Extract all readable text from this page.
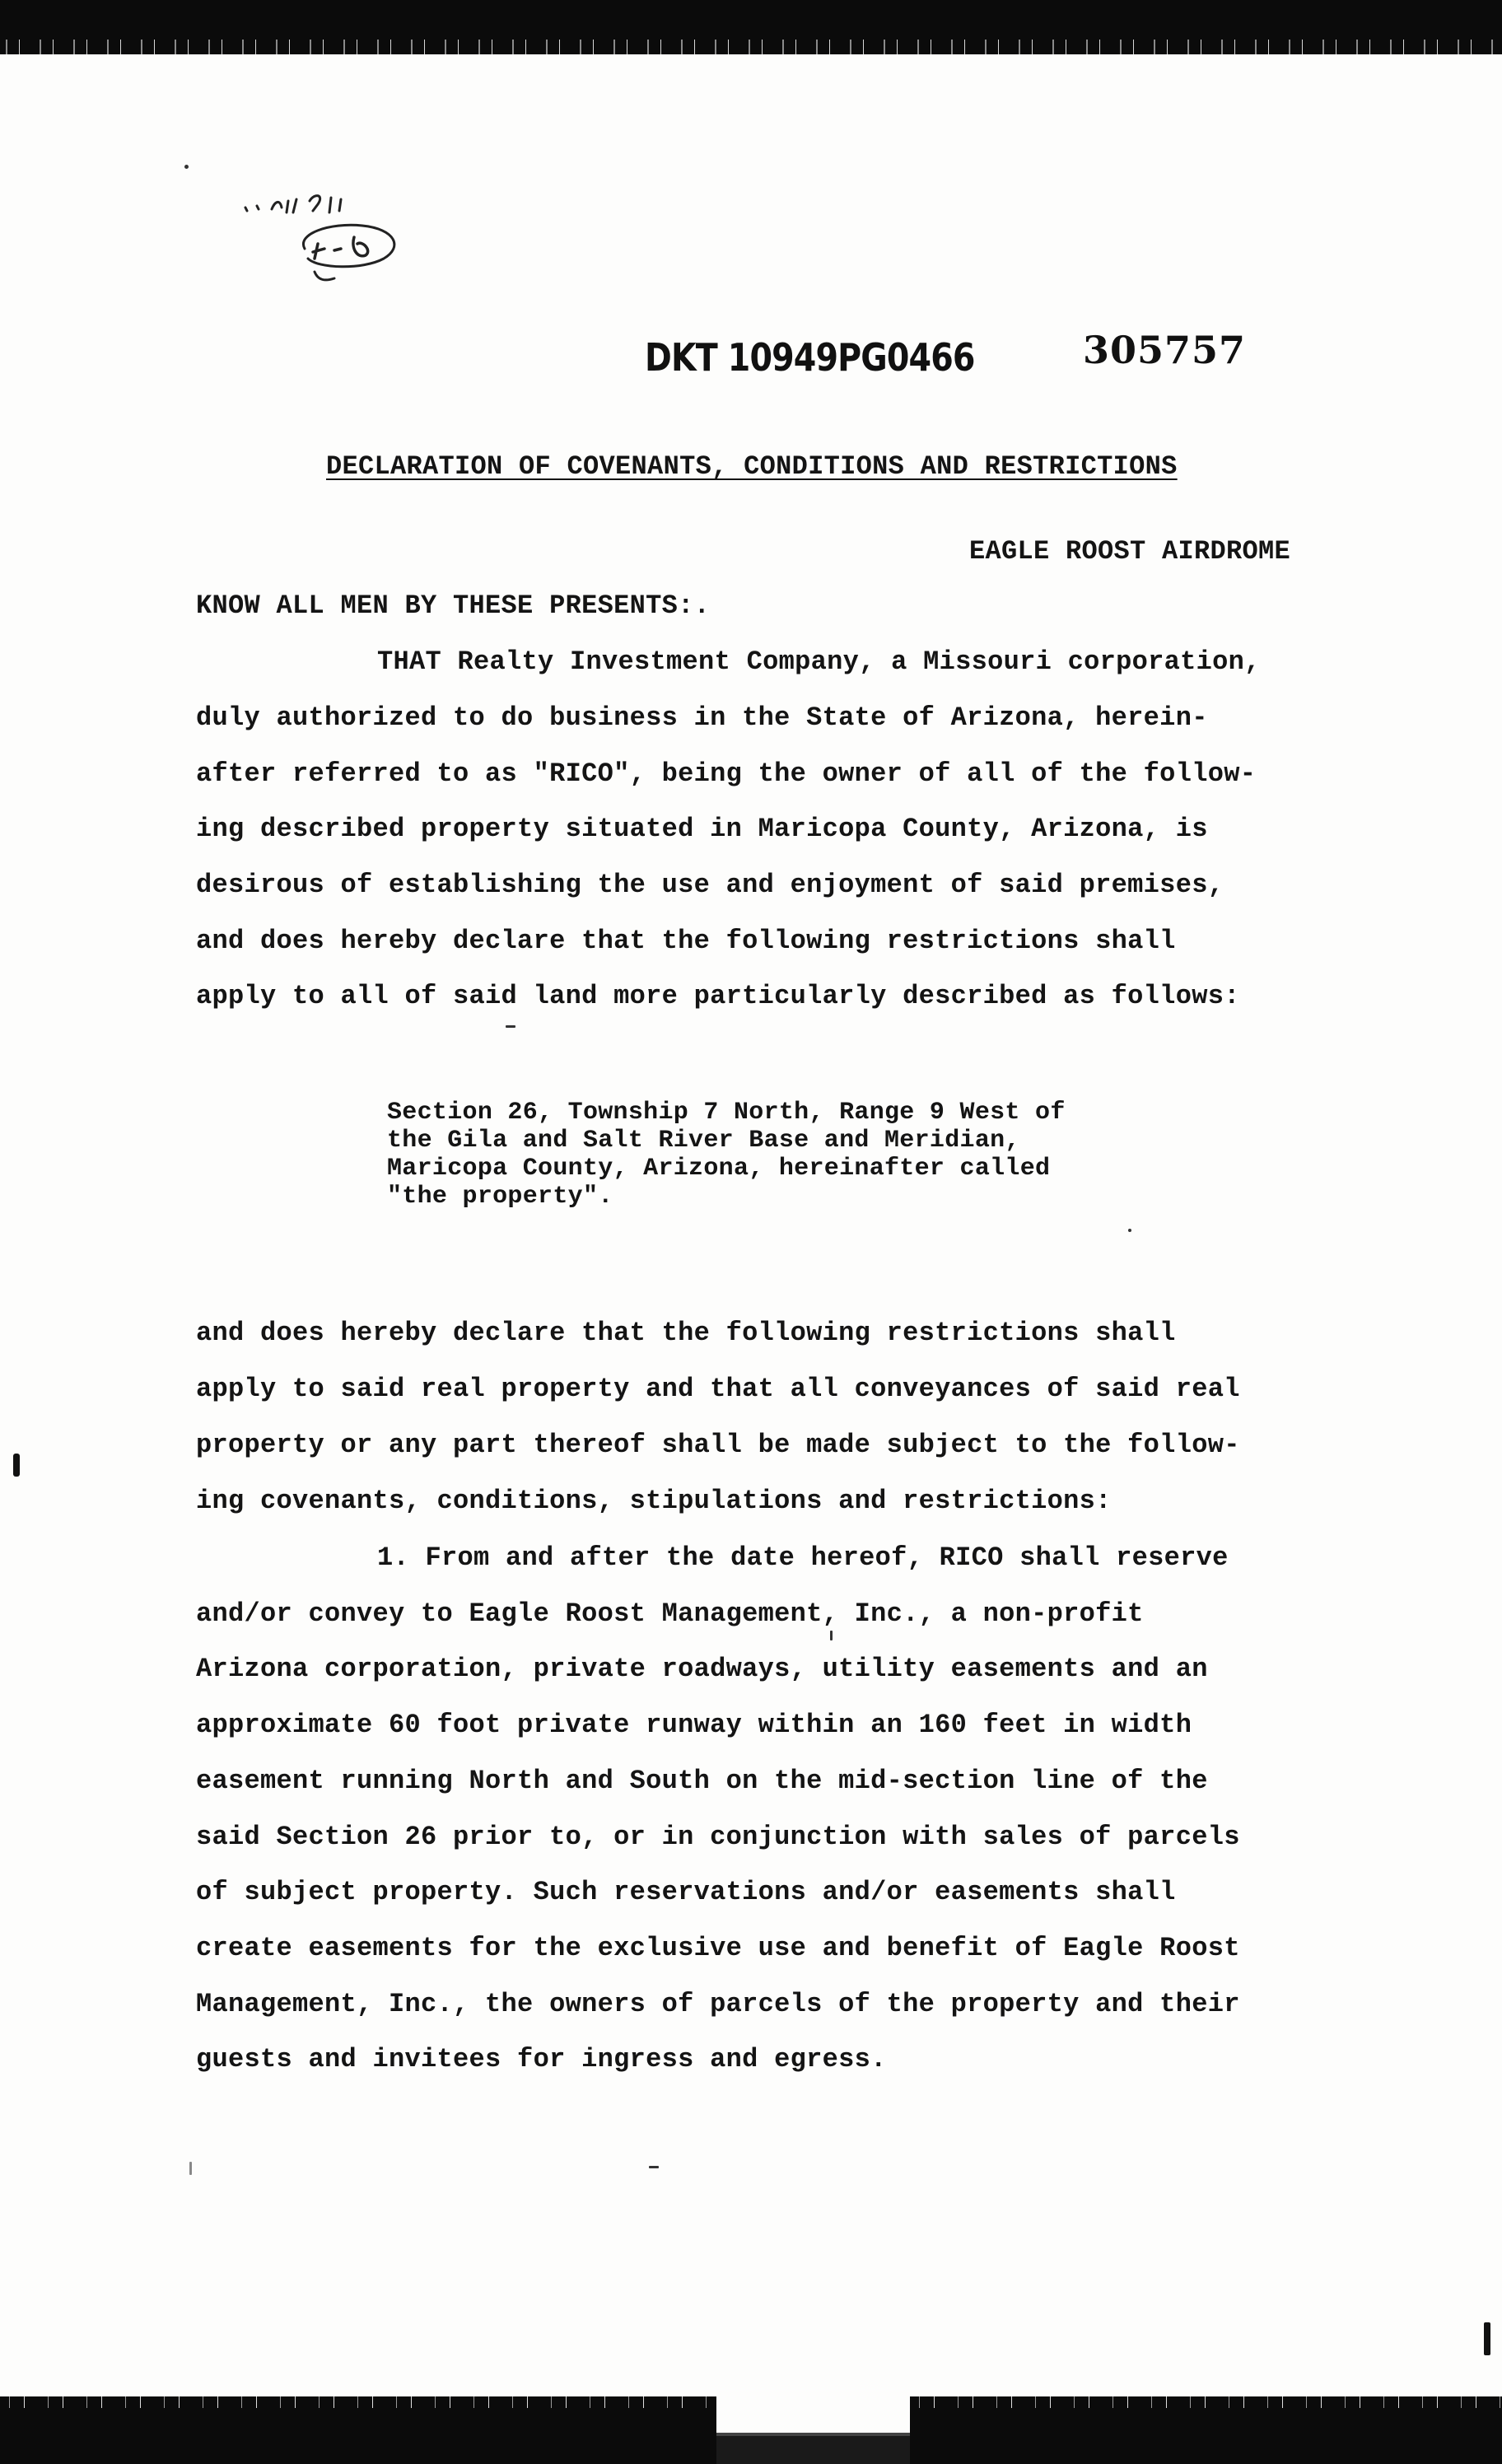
DKT 10949PG0466	305757
DECLARATION OF COVENANTS, CONDITIONS AND RESTRICTIONS
EAGLE ROOST AIRDROME
KNOW ALL MEN BY THESE PRESENTS:.
THAT Realty Investment Company, a Missouri corporation,
duly authorized to do business in the State of Arizona, herein-
after referred to as "RICO", being the owner of all of the follow-
ing described property situated in Maricopa County, Arizona, is
desirous of establishing the use and enjoyment of said premises,
and does hereby declare that the following restrictions shall
apply to all of said land more particularly described as follows:
Section 26, Township 7 North, Range 9 West of
the Gila and Salt River Base and Meridian,
Maricopa County, Arizona, hereinafter called
"the property".
and does hereby declare that the following restrictions shall
apply to said real property and that all conveyances of said real
property or any part thereof shall be made subject to the follow-
ing covenants, conditions, stipulations and restrictions:
1. From and after the date hereof, RICO shall reserve
and/or convey to Eagle Roost Management, Inc., a non-profit
Arizona corporation, private roadways, utility easements and an
approximate 60 foot private runway within an 160 feet in width
easement running North and South on the mid-section line of the
said Section 26 prior to, or in conjunction with sales of parcels
of subject property. Such reservations and/or easements shall
create easements for the exclusive use and benefit of Eagle Roost
Management, Inc., the owners of parcels of the property and their
guests and invitees for ingress and egress.
